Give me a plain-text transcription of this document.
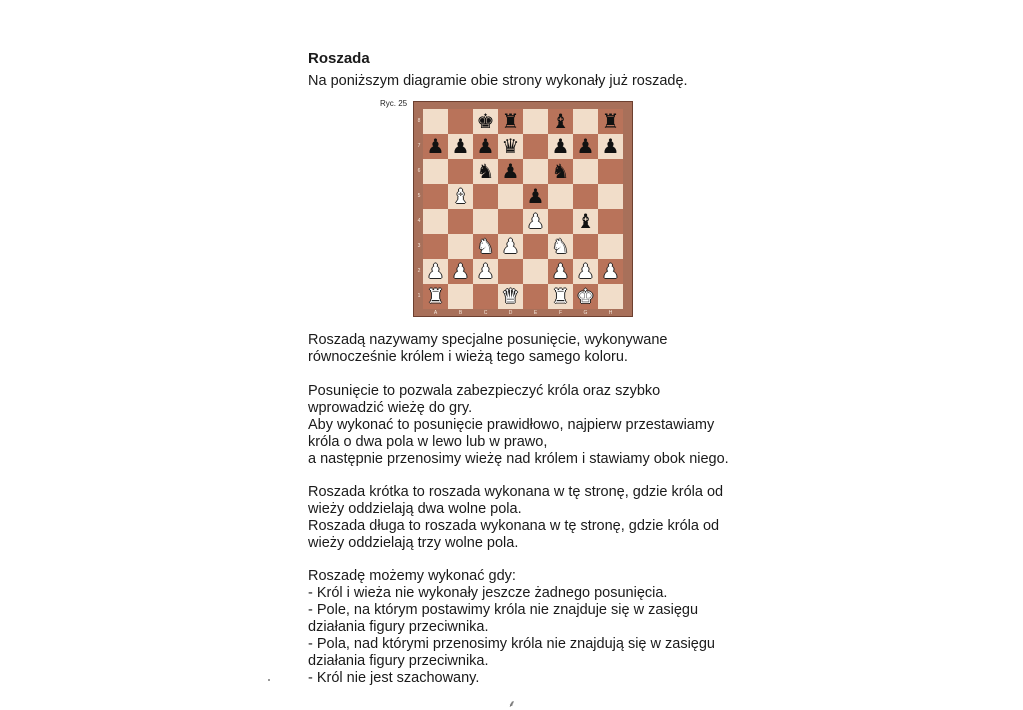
Roszada
Na poniższym diagramie obie strony wykonały już roszadę.
Ryc. 25
8
7
6
5
4
3
2
1
♚ ♜ ♝ ♜
♟ ♟ ♟ ♛ ♟ ♟ ♟
♞ ♟ ♞
♝	♟
♟ ♝
♞ ♟ ♞
♟ ♟ ♟	♟ ♟ ♟
♜	♛ ♜ ♚
A	B	C	D	E	F	G	H
Roszadą nazywamy specjalne posunięcie, wykonywane
równocześnie królem i wieżą tego samego koloru.
Posunięcie to pozwala zabezpieczyć króla oraz szybko
wprowadzić wieżę do gry.
Aby wykonać to posunięcie prawidłowo, najpierw przestawiamy
króla o dwa pola w lewo lub w prawo,
a następnie przenosimy wieżę nad królem i stawiamy obok niego.
Roszada krótka to roszada wykonana w tę stronę, gdzie króla od
wieży oddzielają dwa wolne pola.
Roszada długa to roszada wykonana w tę stronę, gdzie króla od
wieży oddzielają trzy wolne pola.
Roszadę możemy wykonać gdy:
- Król i wieża nie wykonały jeszcze żadnego posunięcia.
- Pole, na którym postawimy króla nie znajduje się w zasięgu
działania figury przeciwnika.
- Pola, nad którymi przenosimy króla nie znajdują się w zasięgu
działania figury przeciwnika.
- Król nie jest szachowany.
⸙
